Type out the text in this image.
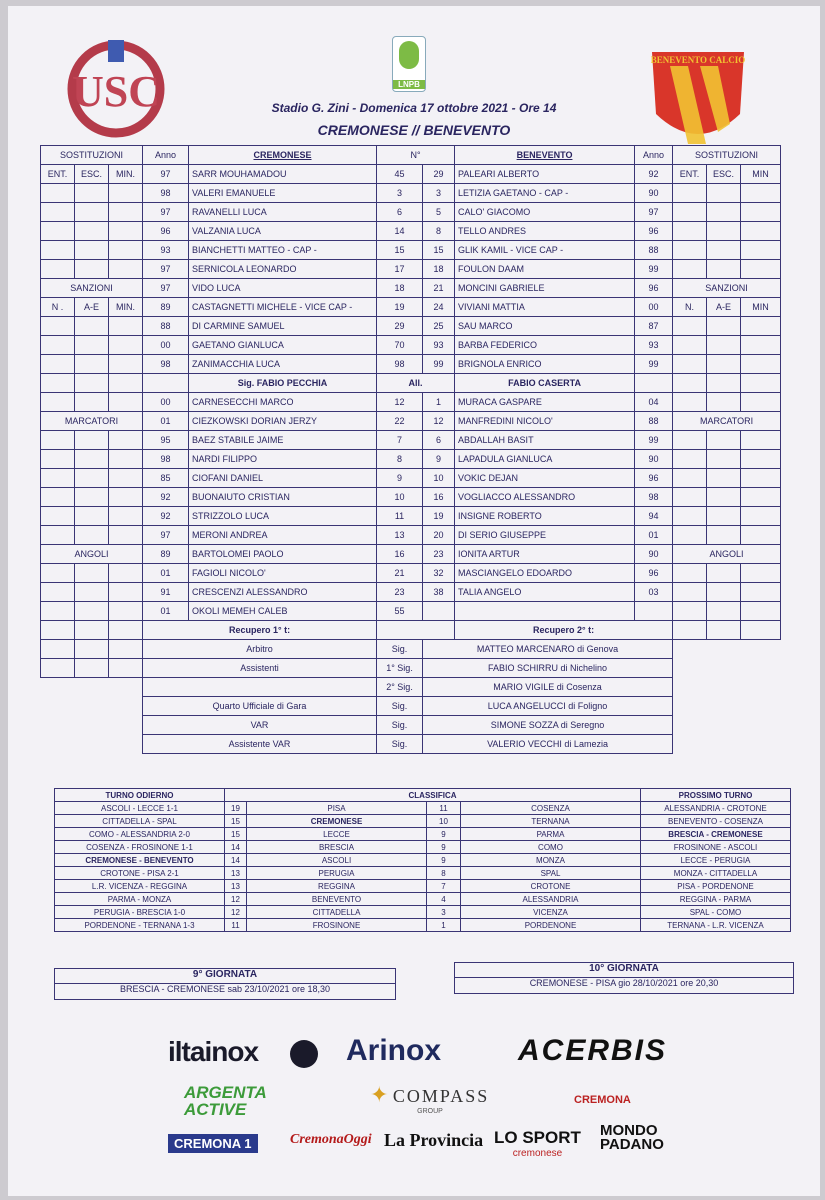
USC	LNPB
BENEVENTO CALCIO
Stadio G. Zini - Domenica 17 ottobre 2021 - Ore 14
CREMONESE // BENEVENTO
SOSTITUZIONI			Anno	CREMONESE	N°		BENEVENTO	Anno	SOSTITUZIONI		
ENT.	ESC.	MIN.	97	SARR MOUHAMADOU	45	29	PALEARI ALBERTO	92	ENT.	ESC.	MIN
			98	VALERI EMANUELE	3	3	LETIZIA GAETANO - CAP -	90			
			97	RAVANELLI LUCA	6	5	CALO' GIACOMO	97			
			96	VALZANIA LUCA	14	8	TELLO ANDRES	96			
			93	BIANCHETTI MATTEO - CAP -	15	15	GLIK KAMIL - VICE CAP -	88			
			97	SERNICOLA LEONARDO	17	18	FOULON DAAM	99			
SANZIONI			97	VIDO LUCA	18	21	MONCINI GABRIELE	96	SANZIONI		
N .	A-E	MIN.	89	CASTAGNETTI MICHELE - VICE CAP -	19	24	VIVIANI MATTIA	00	N.	A-E	MIN
			88	DI CARMINE SAMUEL	29	25	SAU MARCO	87			
			00	GAETANO GIANLUCA	70	93	BARBA FEDERICO	93			
			98	ZANIMACCHIA LUCA	98	99	BRIGNOLA ENRICO	99			
				Sig. FABIO PECCHIA	All.		FABIO CASERTA				
			00	CARNESECCHI MARCO	12	1	MURACA GASPARE	04			
MARCATORI			01	CIEZKOWSKI DORIAN JERZY	22	12	MANFREDINI NICOLO'	88	MARCATORI		
			95	BAEZ STABILE JAIME	7	6	ABDALLAH BASIT	99			
			98	NARDI FILIPPO	8	9	LAPADULA GIANLUCA	90			
			85	CIOFANI DANIEL	9	10	VOKIC DEJAN	96			
			92	BUONAIUTO CRISTIAN	10	16	VOGLIACCO ALESSANDRO	98			
			92	STRIZZOLO LUCA	11	19	INSIGNE ROBERTO	94			
			97	MERONI ANDREA	13	20	DI SERIO GIUSEPPE	01			
ANGOLI			89	BARTOLOMEI PAOLO	16	23	IONITA ARTUR	90	ANGOLI		
			01	FAGIOLI NICOLO'	21	32	MASCIANGELO EDOARDO	96			
			91	CRESCENZI ALESSANDRO	23	38	TALIA ANGELO	03			
			01	OKOLI MEMEH CALEB	55						
			Recupero 1° t:				Recupero 2° t:				
			Arbitro		Sig.	MATTEO MARCENARO di Genova					
			Assistenti		1° Sig.	FABIO SCHIRRU di Nichelino					
					2° Sig.	MARIO VIGILE di Cosenza					
			Quarto Ufficiale di Gara		Sig.	LUCA ANGELUCCI di Foligno					
			VAR		Sig.	SIMONE SOZZA di Seregno					
			Assistente VAR		Sig.	VALERIO VECCHI di Lamezia					
TURNO ODIERNO	CLASSIFICA				PROSSIMO TURNO
ASCOLI - LECCE 1-1	19	PISA	11	COSENZA	ALESSANDRIA - CROTONE
CITTADELLA - SPAL	15	CREMONESE	10	TERNANA	BENEVENTO - COSENZA
COMO - ALESSANDRIA 2-0	15	LECCE	9	PARMA	BRESCIA - CREMONESE
COSENZA - FROSINONE 1-1	14	BRESCIA	9	COMO	FROSINONE - ASCOLI
CREMONESE - BENEVENTO	14	ASCOLI	9	MONZA	LECCE - PERUGIA
CROTONE - PISA 2-1	13	PERUGIA	8	SPAL	MONZA - CITTADELLA
L.R. VICENZA - REGGINA	13	REGGINA	7	CROTONE	PISA - PORDENONE
PARMA - MONZA	12	BENEVENTO	4	ALESSANDRIA	REGGINA - PARMA
PERUGIA - BRESCIA 1-0	12	CITTADELLA	3	VICENZA	SPAL - COMO
PORDENONE - TERNANA 1-3	11	FROSINONE	1	PORDENONE	TERNANA - L.R. VICENZA
9° GIORNATA
BRESCIA - CREMONESE sab 23/10/2021 ore 18,30
10° GIORNATA
CREMONESE - PISA gio 28/10/2021 ore 20,30
iltainox	Arinox	ACERBIS
ARGENTA ACTIVE
✦ COMPASS
GROUP
CREMONA
CREMONA 1	CremonaOggi La Provincia LO SPORT
cremonese
MONDO PADANO
